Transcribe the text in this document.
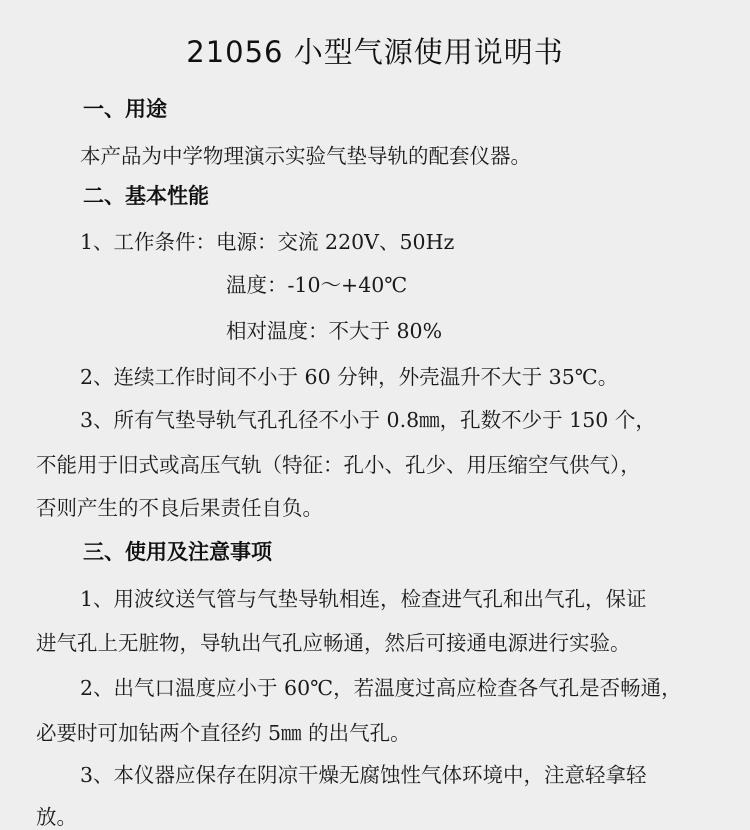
21056 小型气源使用说明书
一、用途
本产品为中学物理演示实验气垫导轨的配套仪器。
二、基本性能
1、工作条件：电源：交流 220V、50Hz
温度：-10～+40℃
相对温度：不大于 80%
2、连续工作时间不小于 60 分钟，外壳温升不大于 35℃。
3、所有气垫导轨气孔孔径不小于 0.8㎜，孔数不少于 150 个，
不能用于旧式或高压气轨（特征：孔小、孔少、用压缩空气供气），
否则产生的不良后果责任自负。
三、使用及注意事项
1、用波纹送气管与气垫导轨相连，检查进气孔和出气孔，保证
进气孔上无脏物，导轨出气孔应畅通，然后可接通电源进行实验。
2、出气口温度应小于 60℃，若温度过高应检查各气孔是否畅通，
必要时可加钻两个直径约 5㎜ 的出气孔。
3、本仪器应保存在阴凉干燥无腐蚀性气体环境中，注意轻拿轻
放。
